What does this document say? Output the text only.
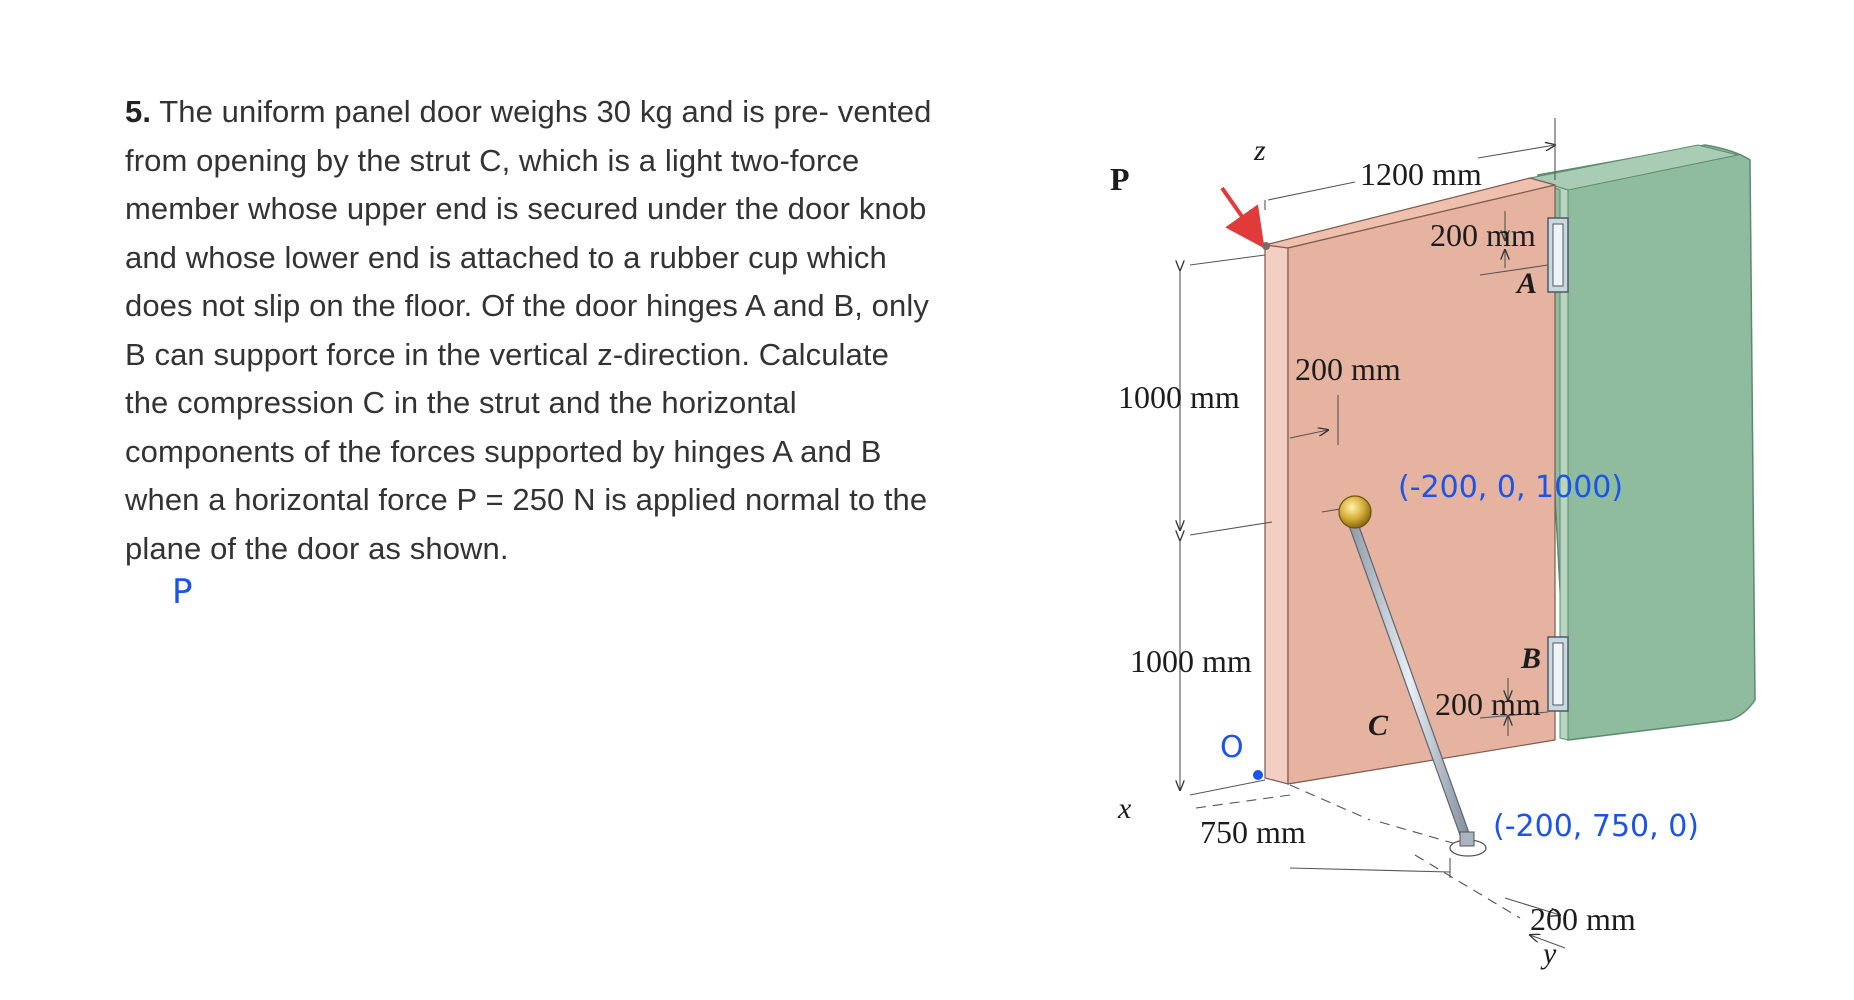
5. The uniform panel door weighs 30 kg and is pre- vented
from opening by the strut C, which is a light two-force
member whose upper end is secured under the door knob
and whose lower end is attached to a rubber cup which
does not slip on the floor. Of the door hinges A and B, only
B can support force in the vertical z-direction. Calculate
the compression C in the strut and the horizontal
components of the forces supported by hinges A and B
when a horizontal force P = 250 N is applied normal to the
plane of the door as shown.
P
P
z
x
y
A
B
C
1200 mm
200 mm
1000 mm
200 mm
1000 mm
200 mm
750 mm
200 mm
O
(-200, 0, 1000)
(-200, 750, 0)
